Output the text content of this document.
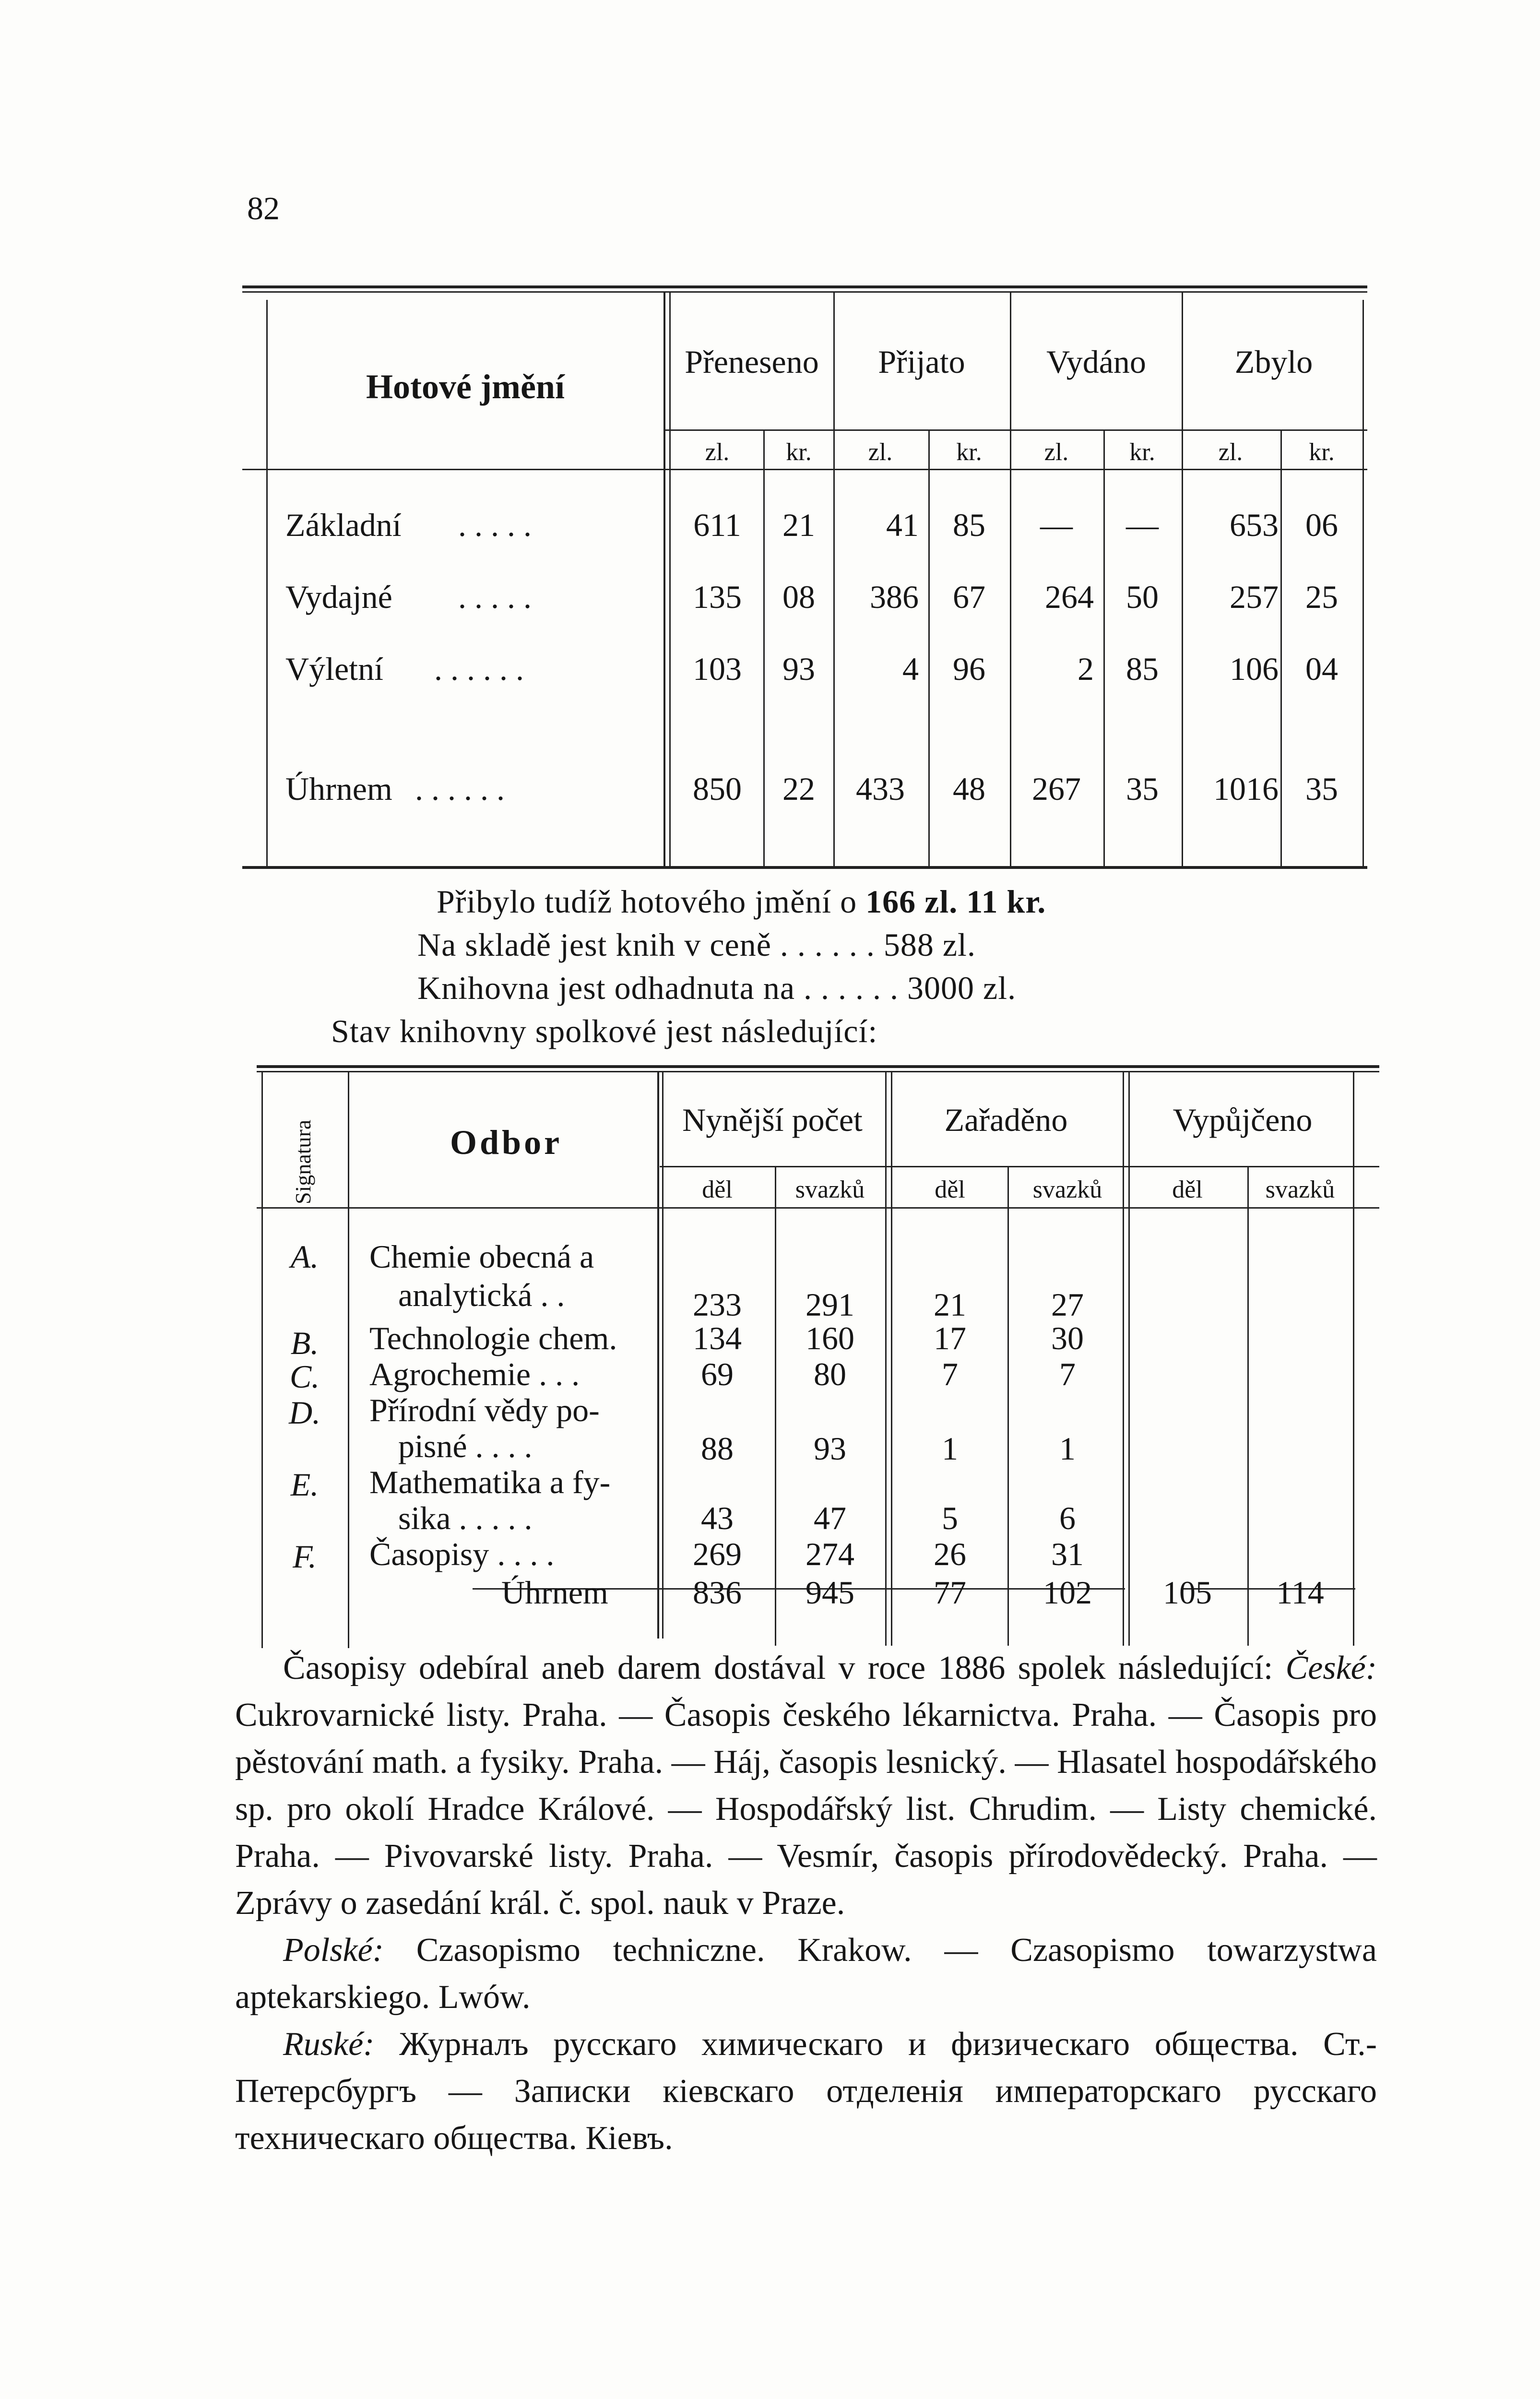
82
Hotové jmění
Přeneseno Přijato Vydáno	Zbylo
zl. kr. zl.	kr.	zl. kr.	zl.	kr.
Základní . . . . .	611 21 41 85 — — 653 06
Vydajné . . . . .	135 08 386 67 264 50 257 25
Výletní . . . . . .	103 93	4 96	2 85 106 04
Úhrnem . . . . . .	850 22 433 48 267 35 1016 35
Přibylo tudíž hotového jmění o 166 zl. 11 kr.
Na skladě jest knih v ceně . . . . . . 588 zl.
Knihovna jest odhadnuta na . . . . . . 3000 zl.
Stav knihovny spolkové jest následující:
Signatura	Odbor
Nynější počet	Zařaděno	Vypůjčeno
děl	svazků	děl	svazků	děl	svazků
A. Chemie obecná a
analytická . .	233 291 21	27
B. Technologie chem. 134 160 17	30
C. Agrochemie . . .	69 80	7	7
D. Přírodní vědy po-
pisné . . . .	88 93	1	1
E. Mathematika a fy-
sika . . . . .	43 47	5	6
F. Časopisy . . . .	269 274 26	31
Úhrnem	836 945 77 102 105 114

Časopisy odebíral aneb darem dostával v roce 1886 spolek následující: České: Cukrovarnické listy. Praha. — Časopis českého lékarnictva. Praha. — Časopis pro pěstování math. a fysiky. Praha. — Háj, časopis lesnický. — Hlasatel hospodářského sp. pro okolí Hradce Králové. — Hospodářský list. Chrudim. — Listy chemické. Praha. — Pivovarské listy. Praha. — Vesmír, časopis přírodovědecký. Praha. — Zprávy o zasedání král. č. spol. nauk v Praze.

Polské: Czasopismo techniczne. Krakow. — Czasopismo towarzystwa aptekarskiego. Lwów.

Ruské: Журналъ русскаго химическаго и физическаго общества. Ст.-Петерсбургъ — Записки кiевскаго отделенiя императорскаго русскаго техническаго общества. Кiевъ.
